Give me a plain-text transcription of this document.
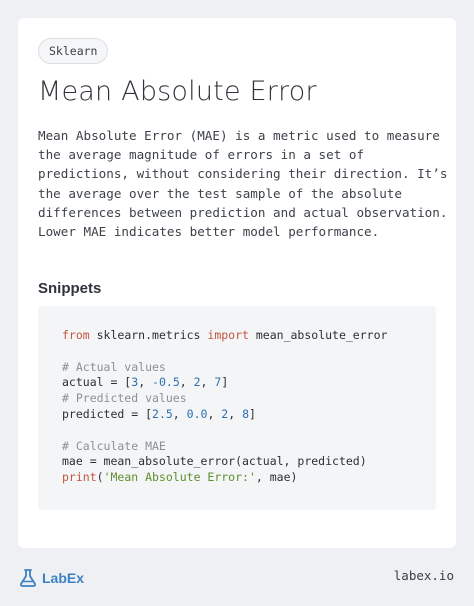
Sklearn
Mean Absolute Error

Mean Absolute Error (MAE) is a metric used to measure the average magnitude of errors in a set of predictions, without considering their direction. It’s the average over the test sample of the absolute differences between prediction and actual observation. Lower MAE indicates better model performance.

Snippets
from sklearn.metrics import mean_absolute_error
# Actual values
actual = [3, -0.5, 2, 7]
# Predicted values
predicted = [2.5, 0.0, 2, 8]
# Calculate MAE
mae = mean_absolute_error(actual, predicted)
print('Mean Absolute Error:', mae)
LabEx	labex.io
